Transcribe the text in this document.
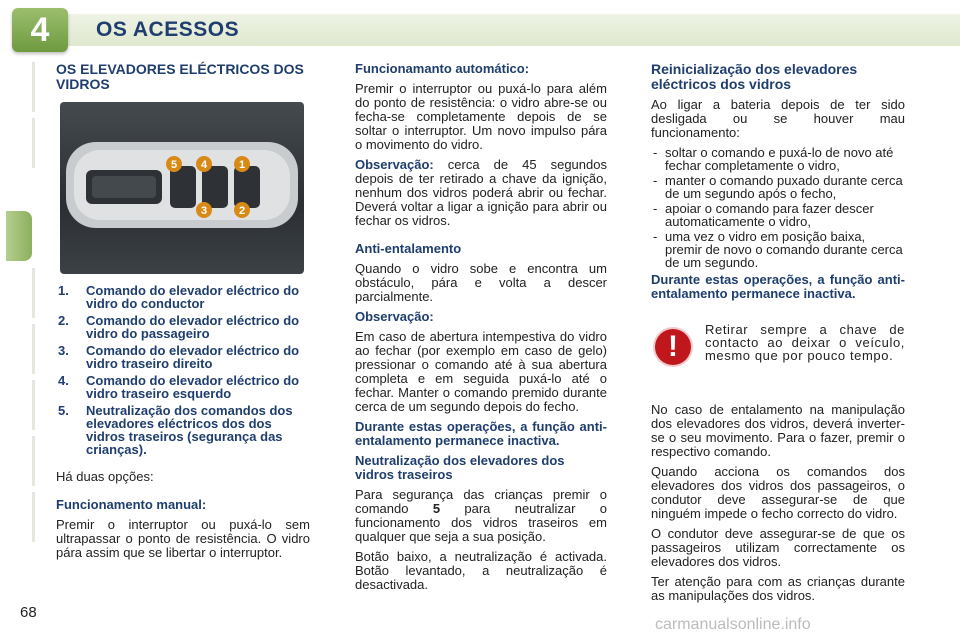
4	OS ACESSOS
OS ELEVADORES ELÉCTRICOS DOS VIDROS
5 4	1
3	2
1. Comando do elevador eléctrico do vidro do conductor
2. Comando do elevador eléctrico do vidro do passageiro
3. Comando do elevador eléctrico do vidro traseiro direito
4. Comando do elevador eléctrico do vidro traseiro esquerdo
5. Neutralização dos comandos dos elevadores eléctricos dos dos vidros traseiros (segurança das crianças).

Há duas opções:

Funcionamento manual:

Premir o interruptor ou puxá-lo sem ultrapassar o ponto de resistência. O vidro pára assim que se libertar o interruptor.

Funcionamanto automático:

Premir o interruptor ou puxá-lo para além do ponto de resistência: o vidro abre-se ou fecha-se completamente depois de se soltar o interruptor. Um novo impulso pára o movimento do vidro.

Observação: cerca de 45 segundos depois de ter retirado a chave da ignição, nenhum dos vidros poderá abrir ou fechar. Deverá voltar a ligar a ignição para abrir ou fechar os vidros.

Anti-entalamento

Quando o vidro sobe e encontra um obstáculo, pára e volta a descer parcialmente.

Observação:

Em caso de abertura intempestiva do vidro ao fechar (por exemplo em caso de gelo) pressionar o comando até à sua abertura completa e em seguida puxá-lo até o fechar. Manter o comando premido durante cerca de um segundo depois do fecho.

Durante estas operações, a função anti-entalamento permanece inactiva.

Neutralização dos elevadores dos vidros traseiros

Para segurança das crianças premir o comando 5 para neutralizar o funcionamento dos vidros traseiros em qualquer que seja a sua posição.

Botão baixo, a neutralização é activada. Botão levantado, a neutralização é desactivada.

Reinicialização dos elevadores eléctricos dos vidros

Ao ligar a bateria depois de ter sido desligada ou se houver mau funcionamento:

- soltar o comando e puxá-lo de novo até fechar completamente o vidro,
- manter o comando puxado durante cerca de um segundo após o fecho,
- apoiar o comando para fazer descer automaticamente o vidro,
- uma vez o vidro em posição baixa, premir de novo o comando durante cerca de um segundo.

Durante estas operações, a função anti-entalamento permanece inactiva.

!
Retirar sempre a chave de contacto ao deixar o veículo, mesmo que por pouco tempo.

No caso de entalamento na manipulação dos elevadores dos vidros, deverá inverter-se o seu movimento. Para o fazer, premir o respectivo comando.

Quando acciona os comandos dos elevadores dos vidros dos passageiros, o condutor deve assegurar-se de que ninguém impede o fecho correcto do vidro.

O condutor deve assegurar-se de que os passageiros utilizam correctamente os elevadores dos vidros.

Ter atenção para com as crianças durante as manipulações dos vidros.

68
carmanualsonline.info
